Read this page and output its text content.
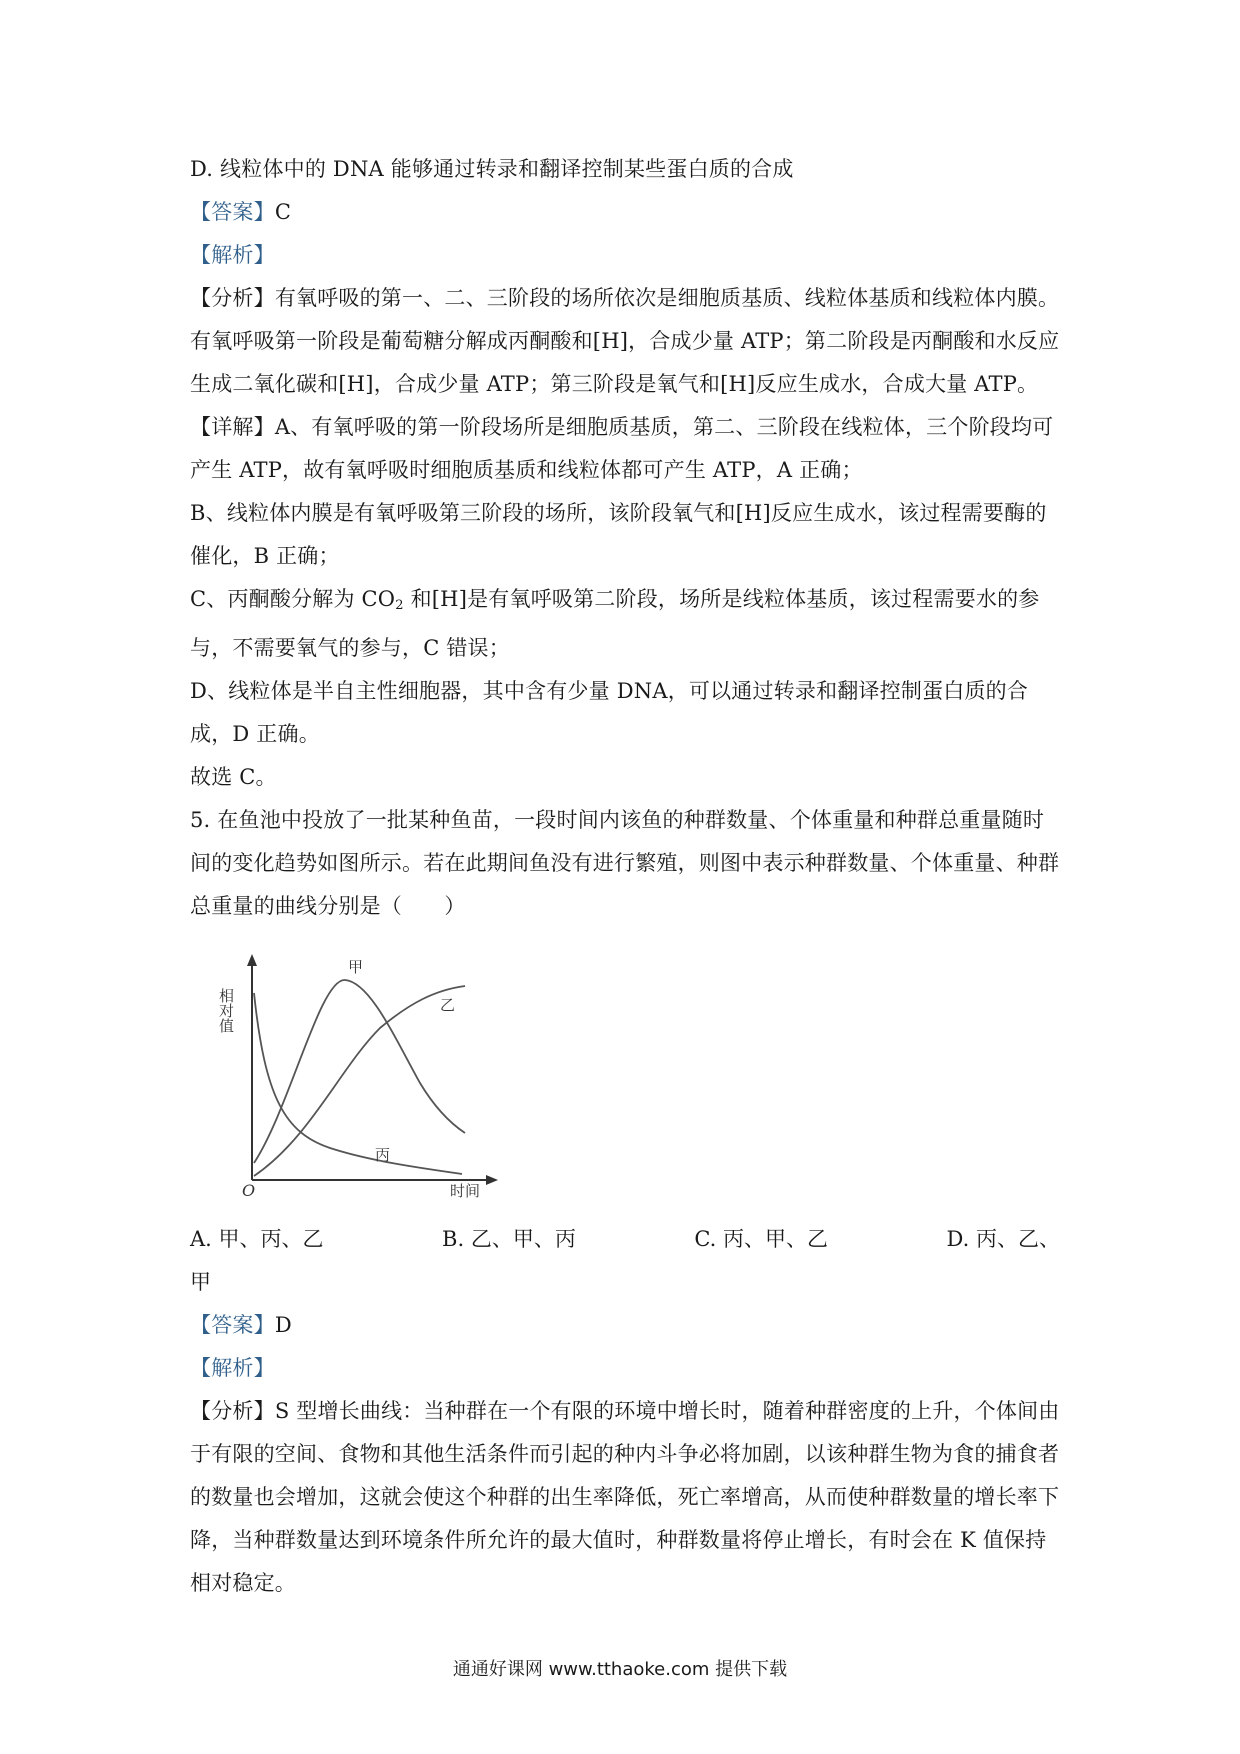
D. 线粒体中的 DNA 能够通过转录和翻译控制某些蛋白质的合成

【答案】C

【解析】

【分析】有氧呼吸的第一、二、三阶段的场所依次是细胞质基质、线粒体基质和线粒体内膜。有氧呼吸第一阶段是葡萄糖分解成丙酮酸和[H]，合成少量 ATP；第二阶段是丙酮酸和水反应生成二氧化碳和[H]，合成少量 ATP；第三阶段是氧气和[H]反应生成水，合成大量 ATP。

【详解】A、有氧呼吸的第一阶段场所是细胞质基质，第二、三阶段在线粒体，三个阶段均可产生 ATP，故有氧呼吸时细胞质基质和线粒体都可产生 ATP，A 正确；

B、线粒体内膜是有氧呼吸第三阶段的场所，该阶段氧气和[H]反应生成水，该过程需要酶的催化，B 正确；

C、丙酮酸分解为 $CO_2$ 和[H]是有氧呼吸第二阶段，场所是线粒体基质，该过程需要水的参与，不需要氧气的参与，C 错误；

D、线粒体是半自主性细胞器，其中含有少量 DNA，可以通过转录和翻译控制蛋白质的合成，D 正确。

故选 C。

5. 在鱼池中投放了一批某种鱼苗，一段时间内该鱼的种群数量、个体重量和种群总重量随时间的变化趋势如图所示。若在此期间鱼没有进行繁殖，则图中表示种群数量、个体重量、种群总重量的曲线分别是（　　）

相对值
O	时间
甲
乙
丙
A. 甲、丙、乙	B. 乙、甲、丙	C. 丙、甲、乙	D. 丙、乙、

甲

【答案】D

【解析】

【分析】S 型增长曲线：当种群在一个有限的环境中增长时，随着种群密度的上升，个体间由于有限的空间、食物和其他生活条件而引起的种内斗争必将加剧，以该种群生物为食的捕食者的数量也会增加，这就会使这个种群的出生率降低，死亡率增高，从而使种群数量的增长率下降，当种群数量达到环境条件所允许的最大值时，种群数量将停止增长，有时会在 K 值保持相对稳定。

通通好课网 www.tthaoke.com 提供下载
